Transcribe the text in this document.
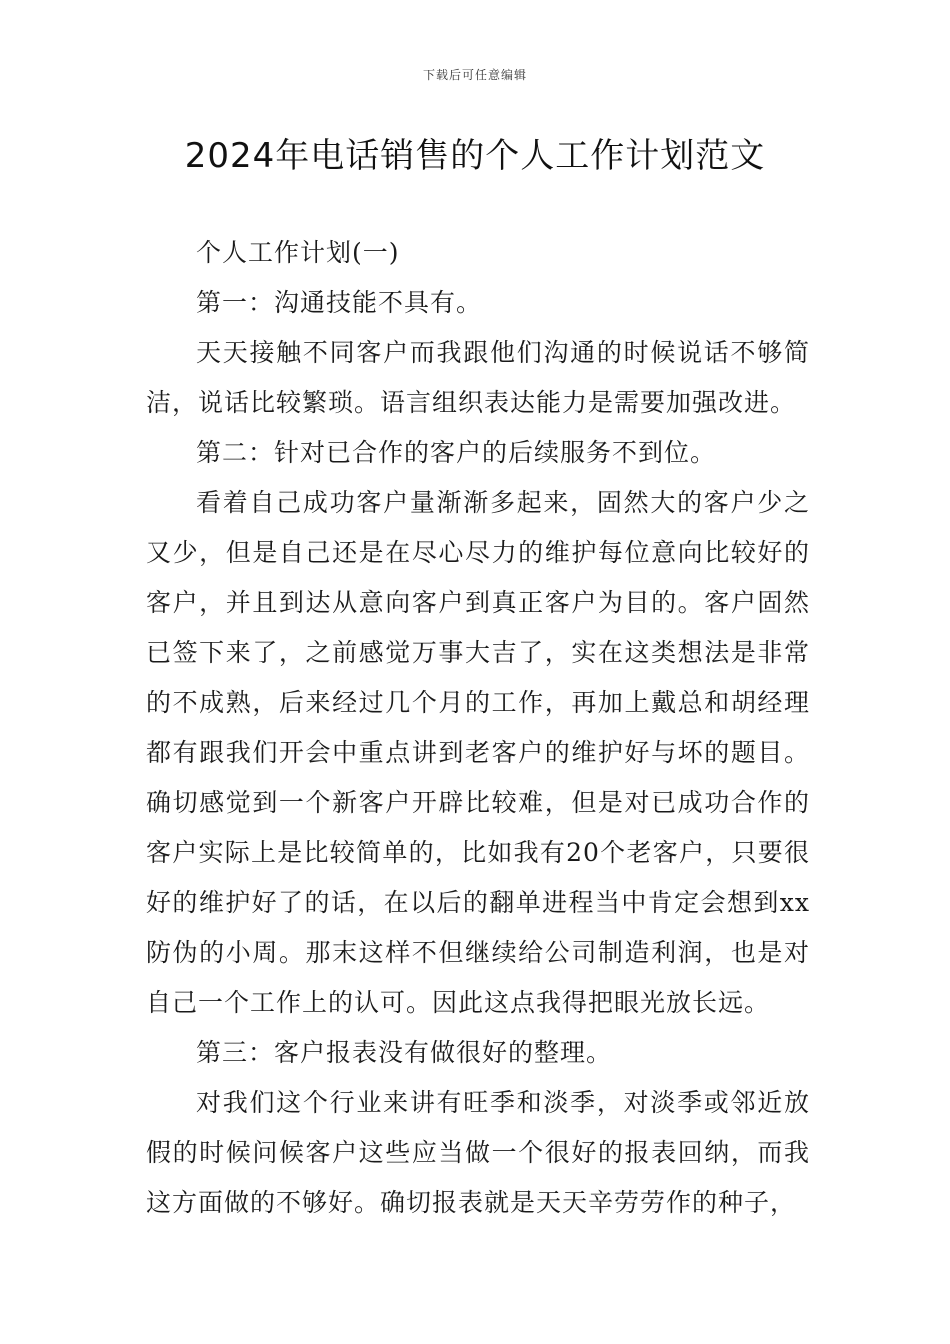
下载后可任意编辑
2024年电话销售的个人工作计划范文

个人工作计划(一)

第一：沟通技能不具有。

天天接触不同客户而我跟他们沟通的时候说话不够简洁，说话比较繁琐。语言组织表达能力是需要加强改进。

第二：针对已合作的客户的后续服务不到位。

看着自己成功客户量渐渐多起来，固然大的客户少之又少，但是自己还是在尽心尽力的维护每位意向比较好的客户，并且到达从意向客户到真正客户为目的。客户固然已签下来了，之前感觉万事大吉了，实在这类想法是非常的不成熟，后来经过几个月的工作，再加上戴总和胡经理都有跟我们开会中重点讲到老客户的维护好与坏的题目。确切感觉到一个新客户开辟比较难，但是对已成功合作的客户实际上是比较简单的，比如我有20个老客户，只要很好的维护好了的话，在以后的翻单进程当中肯定会想到xx防伪的小周。那末这样不但继续给公司制造利润，也是对自己一个工作上的认可。因此这点我得把眼光放长远。

第三：客户报表没有做很好的整理。

对我们这个行业来讲有旺季和淡季，对淡季或邻近放假的时候问候客户这些应当做一个很好的报表回纳，而我这方面做的不够好。确切报表就是天天辛劳劳作的种子，
